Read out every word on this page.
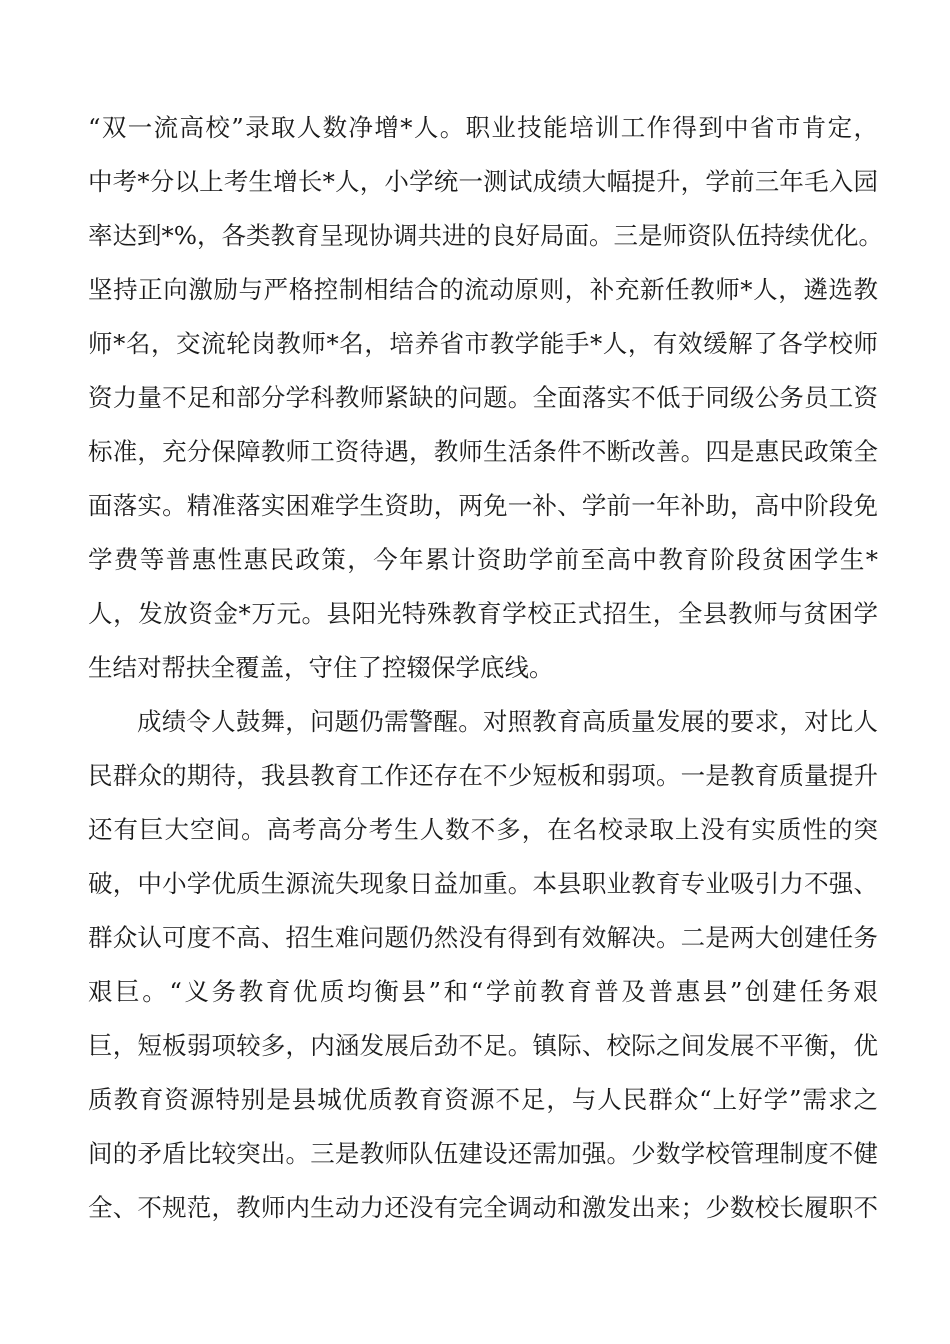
“双一流高校”录取人数净增*人。职业技能培训工作得到中省市肯定，
中考*分以上考生增长*人，小学统一测试成绩大幅提升，学前三年毛入园
率达到*%，各类教育呈现协调共进的良好局面。三是师资队伍持续优化。
坚持正向激励与严格控制相结合的流动原则，补充新任教师*人，遴选教
师*名，交流轮岗教师*名，培养省市教学能手*人，有效缓解了各学校师
资力量不足和部分学科教师紧缺的问题。全面落实不低于同级公务员工资
标准，充分保障教师工资待遇，教师生活条件不断改善。四是惠民政策全
面落实。精准落实困难学生资助，两免一补、学前一年补助，高中阶段免
学费等普惠性惠民政策，今年累计资助学前至高中教育阶段贫困学生*
人，发放资金*万元。县阳光特殊教育学校正式招生，全县教师与贫困学
生结对帮扶全覆盖，守住了控辍保学底线。
成绩令人鼓舞，问题仍需警醒。对照教育高质量发展的要求，对比人
民群众的期待，我县教育工作还存在不少短板和弱项。一是教育质量提升
还有巨大空间。高考高分考生人数不多，在名校录取上没有实质性的突
破，中小学优质生源流失现象日益加重。本县职业教育专业吸引力不强、
群众认可度不高、招生难问题仍然没有得到有效解决。二是两大创建任务
艰巨。“义务教育优质均衡县”和“学前教育普及普惠县”创建任务艰
巨，短板弱项较多，内涵发展后劲不足。镇际、校际之间发展不平衡，优
质教育资源特别是县城优质教育资源不足，与人民群众“上好学”需求之
间的矛盾比较突出。三是教师队伍建设还需加强。少数学校管理制度不健
全、不规范，教师内生动力还没有完全调动和激发出来；少数校长履职不
